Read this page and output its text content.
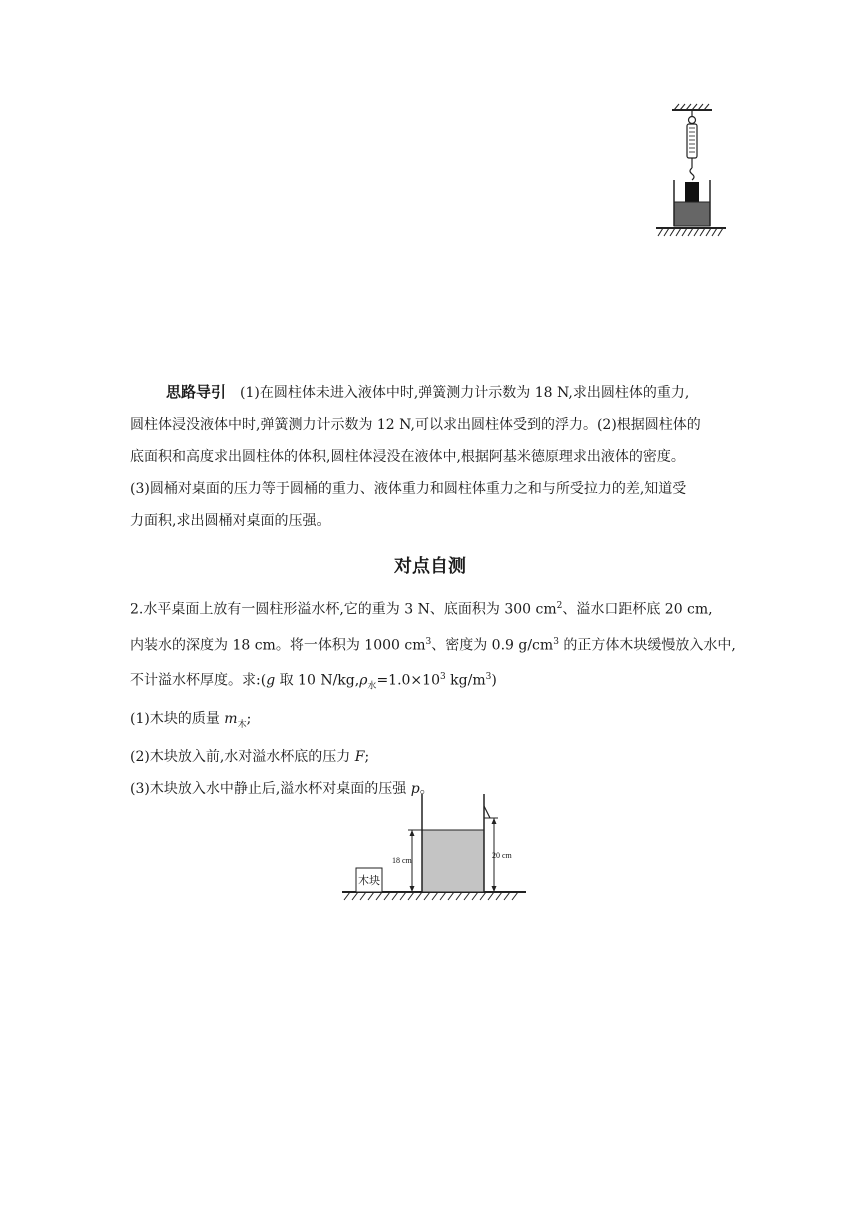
思路导引 (1)在圆柱体未进入液体中时,弹簧测力计示数为 18 N,求出圆柱体的重力,
圆柱体浸没液体中时,弹簧测力计示数为 12 N,可以求出圆柱体受到的浮力。(2)根据圆柱体的
底面积和高度求出圆柱体的体积,圆柱体浸没在液体中,根据阿基米德原理求出液体的密度。
(3)圆桶对桌面的压力等于圆桶的重力、液体重力和圆柱体重力之和与所受拉力的差,知道受
力面积,求出圆桶对桌面的压强。
对点自测
2.水平桌面上放有一圆柱形溢水杯,它的重为 3 N、底面积为 300 $cm^2$、溢水口距杯底 20 cm,
内装水的深度为 18 cm。将一体积为 1000 $cm^3$、密度为 0.9 $g/cm^3$ 的正方体木块缓慢放入水中,
不计溢水杯厚度。求:(g 取 10 $N/kg,\rho_水=1.0\times 10^3$ $kg/m^3$)
(1)木块的质量 $m_木$;
(2)木块放入前,水对溢水杯底的压力 F;
(3)木块放入水中静止后,溢水杯对桌面的压强 p。
18 cm
20 cm
木块
